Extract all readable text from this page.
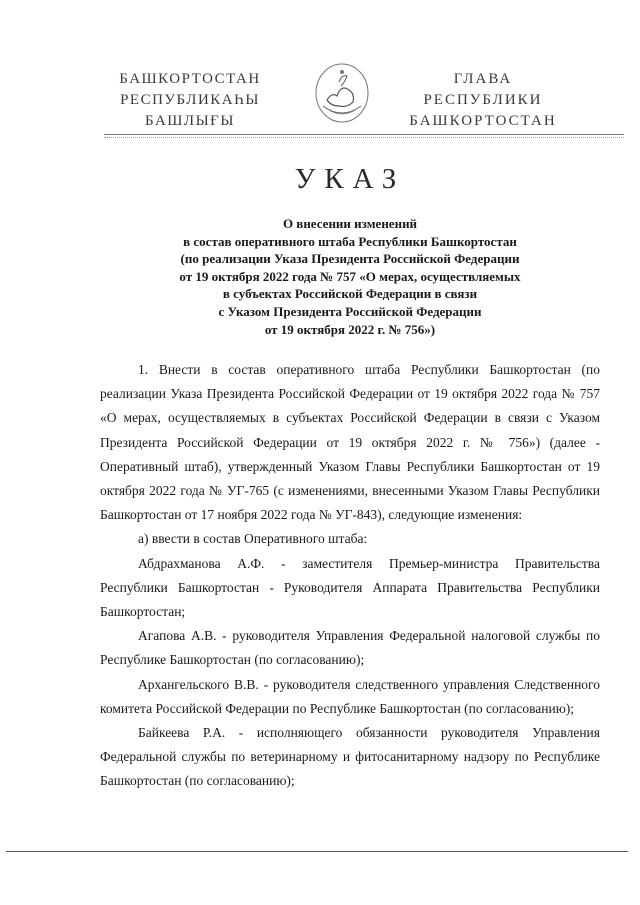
БАШКОРТОСТАН
РЕСПУБЛИКАҺЫ
БАШЛЫҒЫ
ГЛАВА
РЕСПУБЛИКИ
БАШКОРТОСТАН
УКАЗ
О внесении изменений
в состав оперативного штаба Республики Башкортостан
(по реализации Указа Президента Российской Федерации
от 19 октября 2022 года № 757 «О мерах, осуществляемых
в субъектах Российской Федерации в связи
с Указом Президента Российской Федерации
от 19 октября 2022 г. № 756»)

1. Внести в состав оперативного штаба Республики Башкортостан (по реализации Указа Президента Российской Федерации от 19 октября 2022 года № 757 «О мерах, осуществляемых в субъектах Российской Федерации в связи с Указом Президента Российской Федерации от 19 октября 2022 г. № 756») (далее - Оперативный штаб), утвержденный Указом Главы Республики Башкортостан от 19 октября 2022 года № УГ-765 (с изменениями, внесенными Указом Главы Республики Башкортостан от 17 ноября 2022 года № УГ-843), следующие изменения:

а) ввести в состав Оперативного штаба:

Абдрахманова А.Ф. - заместителя Премьер-министра Правительства Республики Башкортостан - Руководителя Аппарата Правительства Республики Башкортостан;

Агапова А.В. - руководителя Управления Федеральной налоговой службы по Республике Башкортостан (по согласованию);

Архангельского В.В. - руководителя следственного управления Следственного комитета Российской Федерации по Республике Башкортостан (по согласованию);

Байкеева Р.А. - исполняющего обязанности руководителя Управления Федеральной службы по ветеринарному и фитосанитарному надзору по Республике Башкортостан (по согласованию);
